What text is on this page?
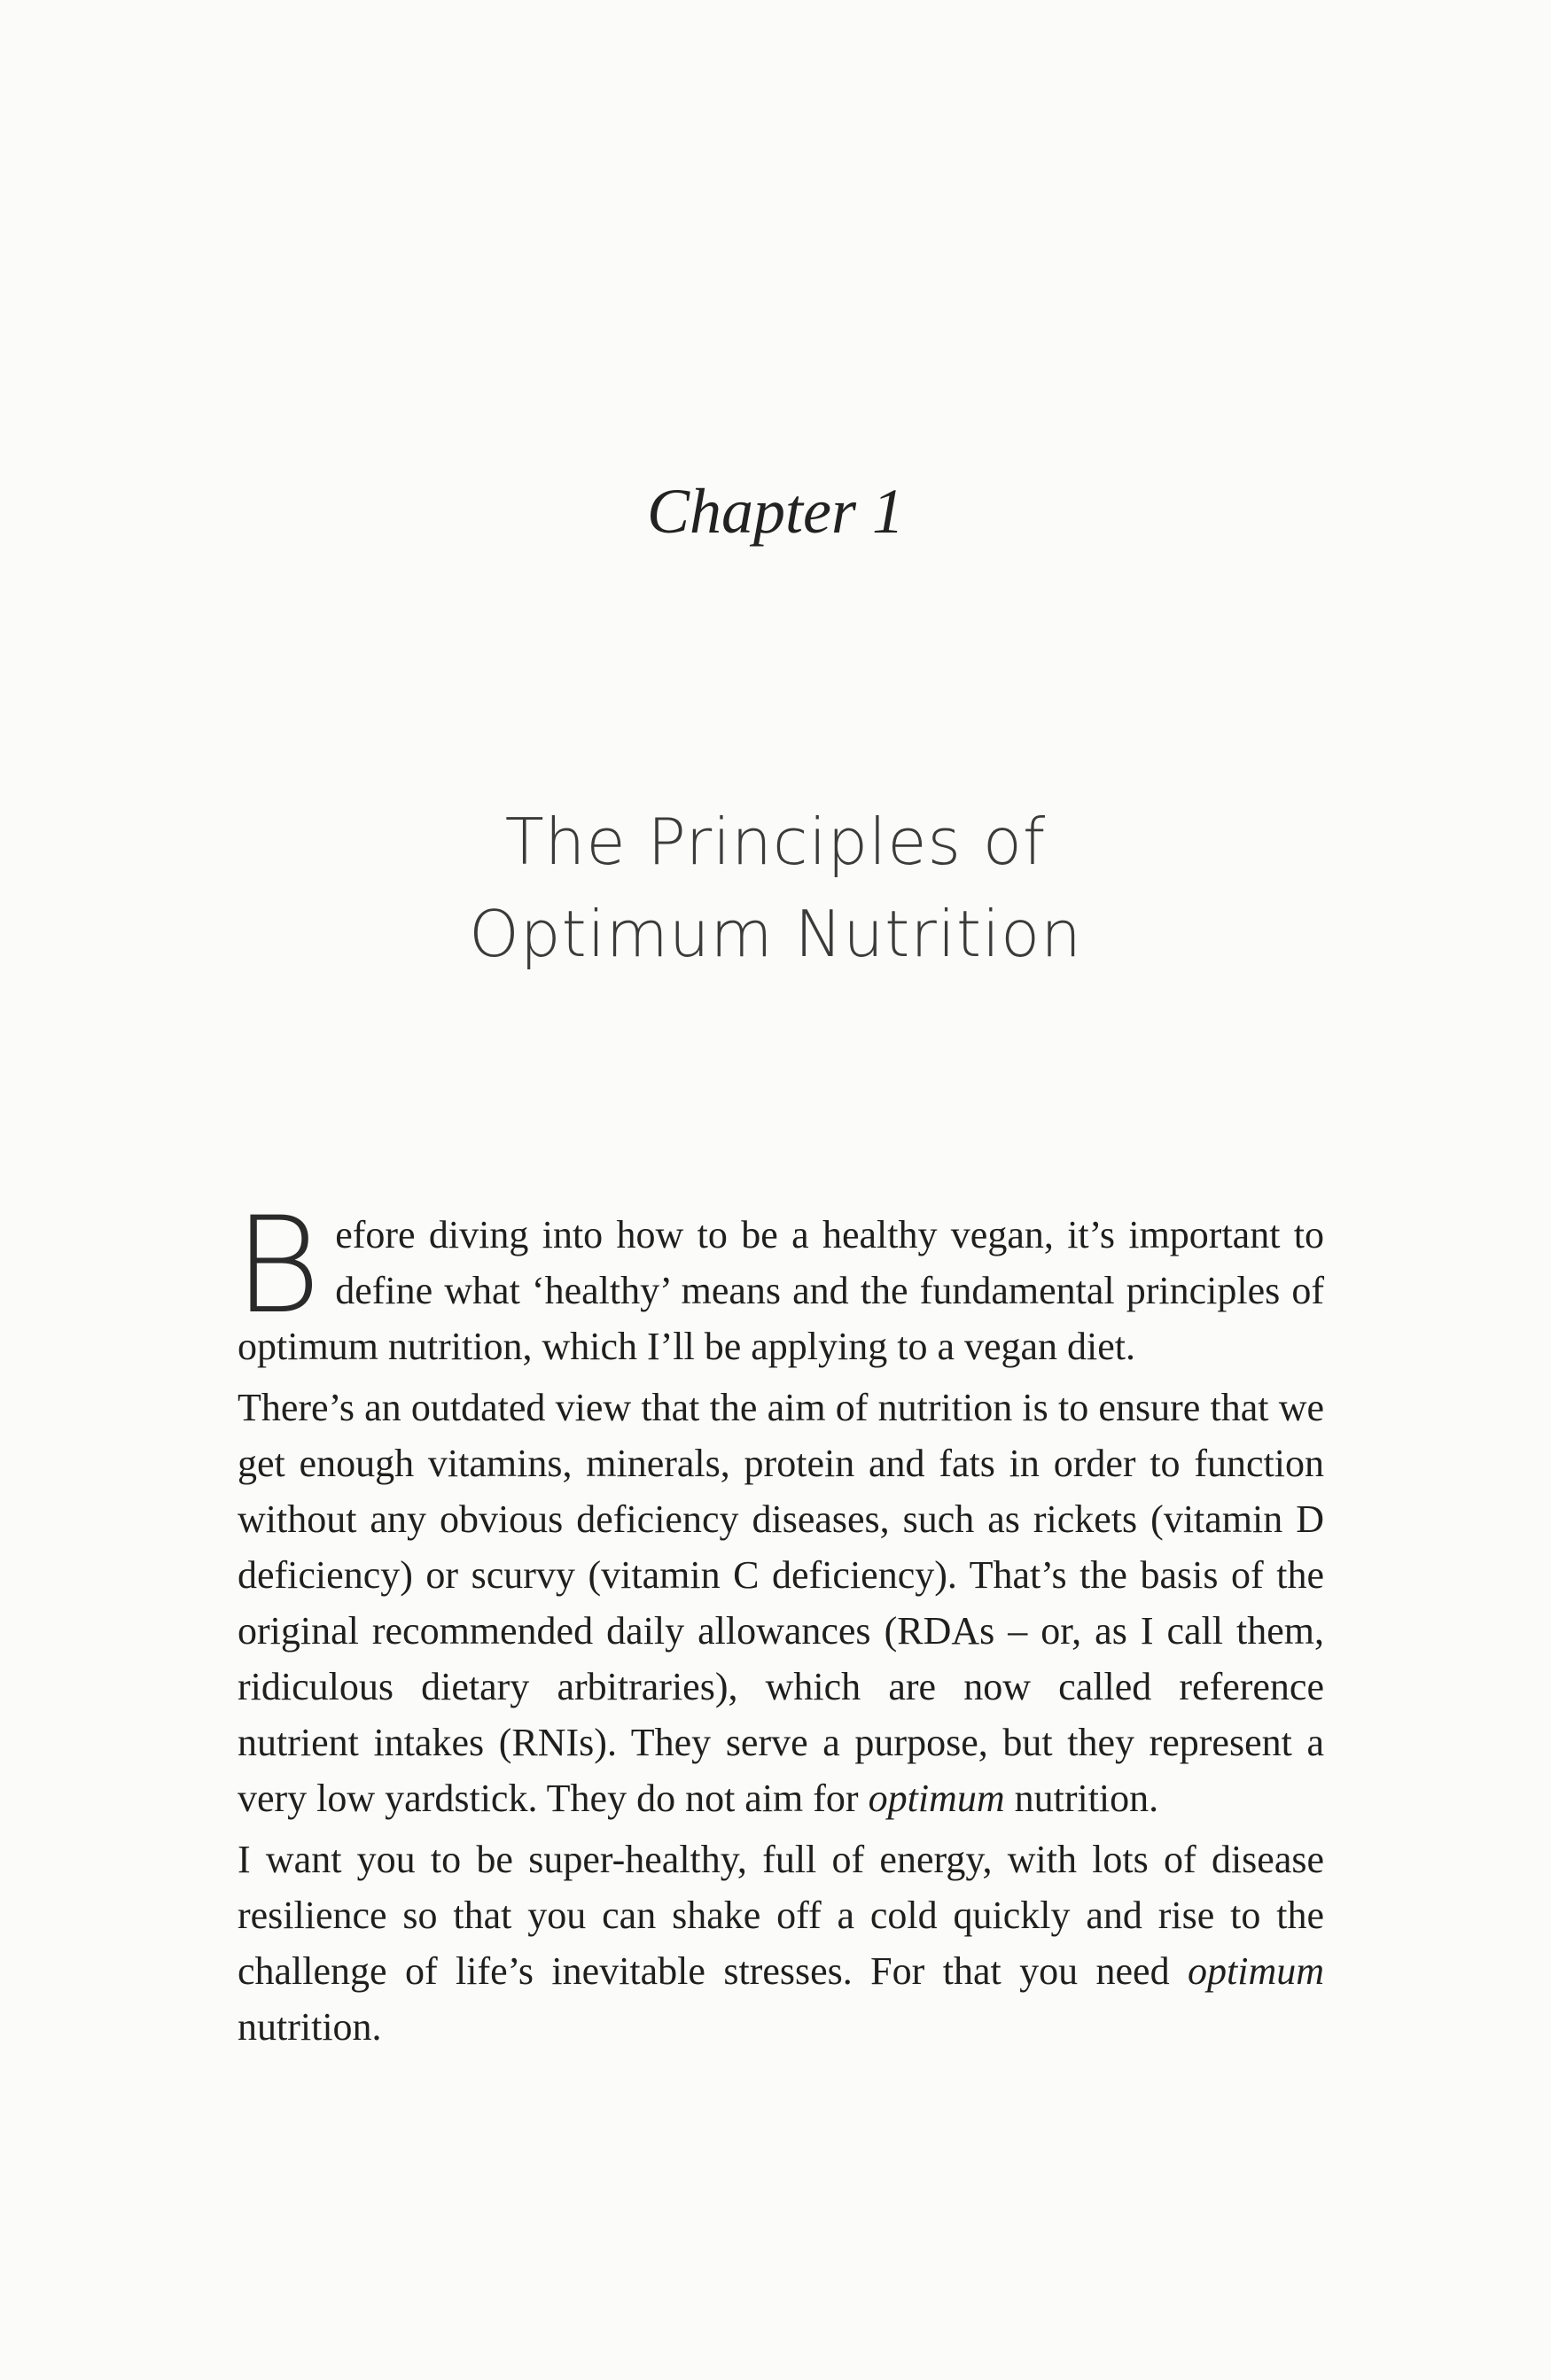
Chapter 1
The Principles of
Optimum Nutrition

Before diving into how to be a healthy vegan, it’s important to define what ‘healthy’ means and the fundamental principles of optimum nutrition, which I’ll be applying to a vegan diet.

There’s an outdated view that the aim of nutrition is to ensure that we get enough vitamins, minerals, protein and fats in order to function without any obvious deficiency diseases, such as rickets (vitamin D deficiency) or scurvy (vitamin C deficiency). That’s the basis of the original recommended daily allowances (RDAs – or, as I call them, ridiculous dietary arbitraries), which are now called reference nutrient intakes (RNIs). They serve a purpose, but they represent a very low yardstick. They do not aim for optimum nutrition.

I want you to be super-healthy, full of energy, with lots of disease resilience so that you can shake off a cold quickly and rise to the challenge of life’s inevitable stresses. For that you need optimum nutrition.
